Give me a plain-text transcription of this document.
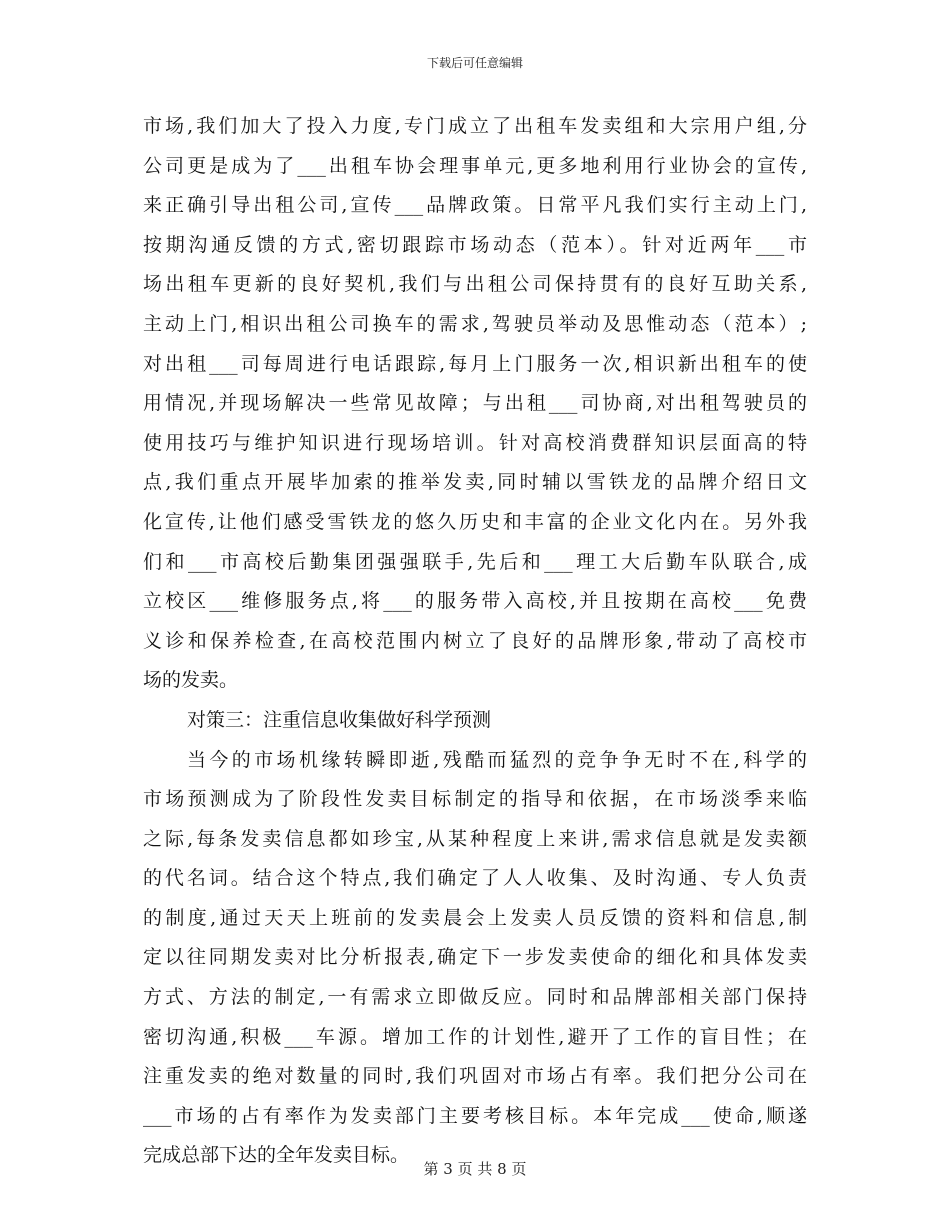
下载后可任意编辑
市场,我们加大了投入力度,专门成立了出租车发卖组和大宗用户组,分
公司更是成为了___出租车协会理事单元,更多地利用行业协会的宣传,
来正确引导出租公司,宣传___品牌政策。日常平凡我们实行主动上门,
按期沟通反馈的方式,密切跟踪市场动态（范本）。针对近两年___市
场出租车更新的良好契机,我们与出租公司保持贯有的良好互助关系,
主动上门,相识出租公司换车的需求,驾驶员举动及思惟动态（范本）;
对出租___司每周进行电话跟踪,每月上门服务一次,相识新出租车的使
用情况,并现场解决一些常见故障；与出租___司协商,对出租驾驶员的
使用技巧与维护知识进行现场培训。针对高校消费群知识层面高的特
点,我们重点开展毕加索的推举发卖,同时辅以雪铁龙的品牌介绍日文
化宣传,让他们感受雪铁龙的悠久历史和丰富的企业文化内在。另外我
们和___市高校后勤集团强强联手,先后和___理工大后勤车队联合,成
立校区___维修服务点,将___的服务带入高校,并且按期在高校___免费
义诊和保养检查,在高校范围内树立了良好的品牌形象,带动了高校市
场的发卖。
对策三：注重信息收集做好科学预测
当今的市场机缘转瞬即逝,残酷而猛烈的竞争争无时不在,科学的
市场预测成为了阶段性发卖目标制定的指导和依据，在市场淡季来临
之际,每条发卖信息都如珍宝,从某种程度上来讲,需求信息就是发卖额
的代名词。结合这个特点,我们确定了人人收集、及时沟通、专人负责
的制度,通过天天上班前的发卖晨会上发卖人员反馈的资料和信息,制
定以往同期发卖对比分析报表,确定下一步发卖使命的细化和具体发卖
方式、方法的制定,一有需求立即做反应。同时和品牌部相关部门保持
密切沟通,积极___车源。增加工作的计划性,避开了工作的盲目性；在
注重发卖的绝对数量的同时,我们巩固对市场占有率。我们把分公司在
___市场的占有率作为发卖部门主要考核目标。本年完成___使命,顺遂
完成总部下达的全年发卖目标。
第 3 页 共 8 页
